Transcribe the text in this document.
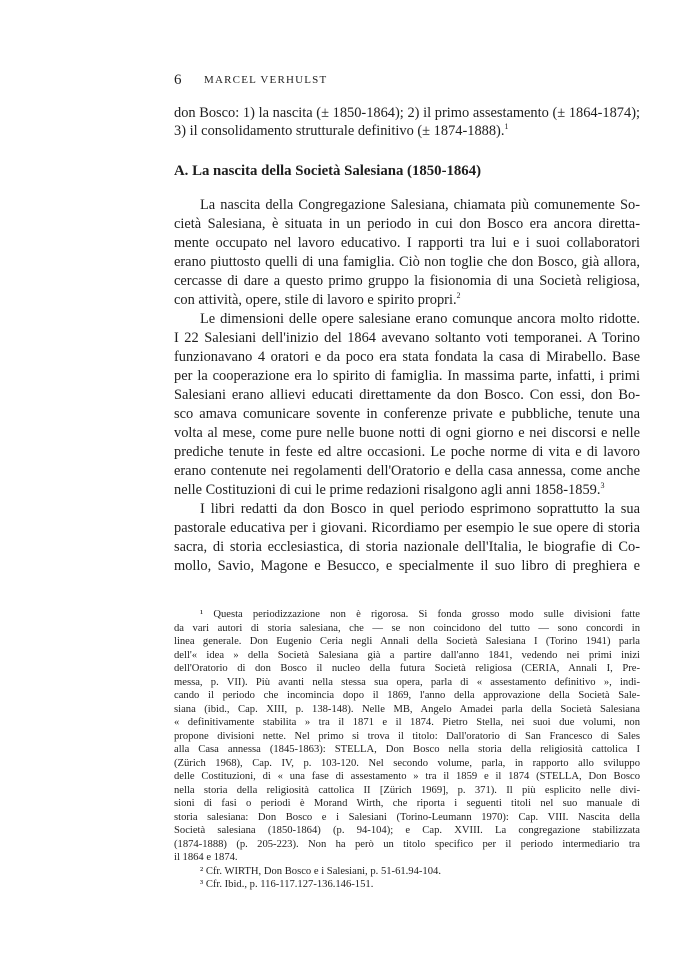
6 MARCEL VERHULST
don Bosco: 1) la nascita (± 1850-1864); 2) il primo assestamento (± 1864-1874);
3) il consolidamento strutturale definitivo (± 1874-1888).$^1$
A. La nascita della Società Salesiana (1850-1864)
La nascita della Congregazione Salesiana, chiamata più comunemente So-
cietà Salesiana, è situata in un periodo in cui don Bosco era ancora diretta-
mente occupato nel lavoro educativo. I rapporti tra lui e i suoi collaboratori
erano piuttosto quelli di una famiglia. Ciò non toglie che don Bosco, già allora,
cercasse di dare a questo primo gruppo la fisionomia di una Società religiosa,
con attività, opere, stile di lavoro e spirito propri.$^2$
Le dimensioni delle opere salesiane erano comunque ancora molto ridotte.
I 22 Salesiani dell'inizio del 1864 avevano soltanto voti temporanei. A Torino
funzionavano 4 oratori e da poco era stata fondata la casa di Mirabello. Base
per la cooperazione era lo spirito di famiglia. In massima parte, infatti, i primi
Salesiani erano allievi educati direttamente da don Bosco. Con essi, don Bo-
sco amava comunicare sovente in conferenze private e pubbliche, tenute una
volta al mese, come pure nelle buone notti di ogni giorno e nei discorsi e nelle
prediche tenute in feste ed altre occasioni. Le poche norme di vita e di lavoro
erano contenute nei regolamenti dell'Oratorio e della casa annessa, come anche
nelle Costituzioni di cui le prime redazioni risalgono agli anni 1858-1859.$^3$
I libri redatti da don Bosco in quel periodo esprimono soprattutto la sua
pastorale educativa per i giovani. Ricordiamo per esempio le sue opere di storia
sacra, di storia ecclesiastica, di storia nazionale dell'Italia, le biografie di Co-
mollo, Savio, Magone e Besucco, e specialmente il suo libro di preghiera e
¹ Questa periodizzazione non è rigorosa. Si fonda grosso modo sulle divisioni fatte
da vari autori di storia salesiana, che — se non coincidono del tutto — sono concordi in
linea generale. Don Eugenio Ceria negli Annali della Società Salesiana I (Torino 1941) parla
dell'« idea » della Società Salesiana già a partire dall'anno 1841, vedendo nei primi inizi
dell'Oratorio di don Bosco il nucleo della futura Società religiosa (CERIA, Annali I, Pre-
messa, p. VII). Più avanti nella stessa sua opera, parla di « assestamento definitivo », indi-
cando il periodo che incomincia dopo il 1869, l'anno della approvazione della Società Sale-
siana (ibid., Cap. XIII, p. 138-148). Nelle MB, Angelo Amadei parla della Società Salesiana
« definitivamente stabilita » tra il 1871 e il 1874. Pietro Stella, nei suoi due volumi, non
propone divisioni nette. Nel primo si trova il titolo: Dall'oratorio di San Francesco di Sales
alla Casa annessa (1845-1863): STELLA, Don Bosco nella storia della religiosità cattolica I
(Zürich 1968), Cap. IV, p. 103-120. Nel secondo volume, parla, in rapporto allo sviluppo
delle Costituzioni, di « una fase di assestamento » tra il 1859 e il 1874 (STELLA, Don Bosco
nella storia della religiosità cattolica II [Zürich 1969], p. 371). Il più esplicito nelle divi-
sioni di fasi o periodi è Morand Wirth, che riporta i seguenti titoli nel suo manuale di
storia salesiana: Don Bosco e i Salesiani (Torino-Leumann 1970): Cap. VIII. Nascita della
Società salesiana (1850-1864) (p. 94-104); e Cap. XVIII. La congregazione stabilizzata
(1874-1888) (p. 205-223). Non ha però un titolo specifico per il periodo intermediario tra
il 1864 e 1874.
² Cfr. WIRTH, Don Bosco e i Salesiani, p. 51-61.94-104.
³ Cfr. Ibid., p. 116-117.127-136.146-151.
